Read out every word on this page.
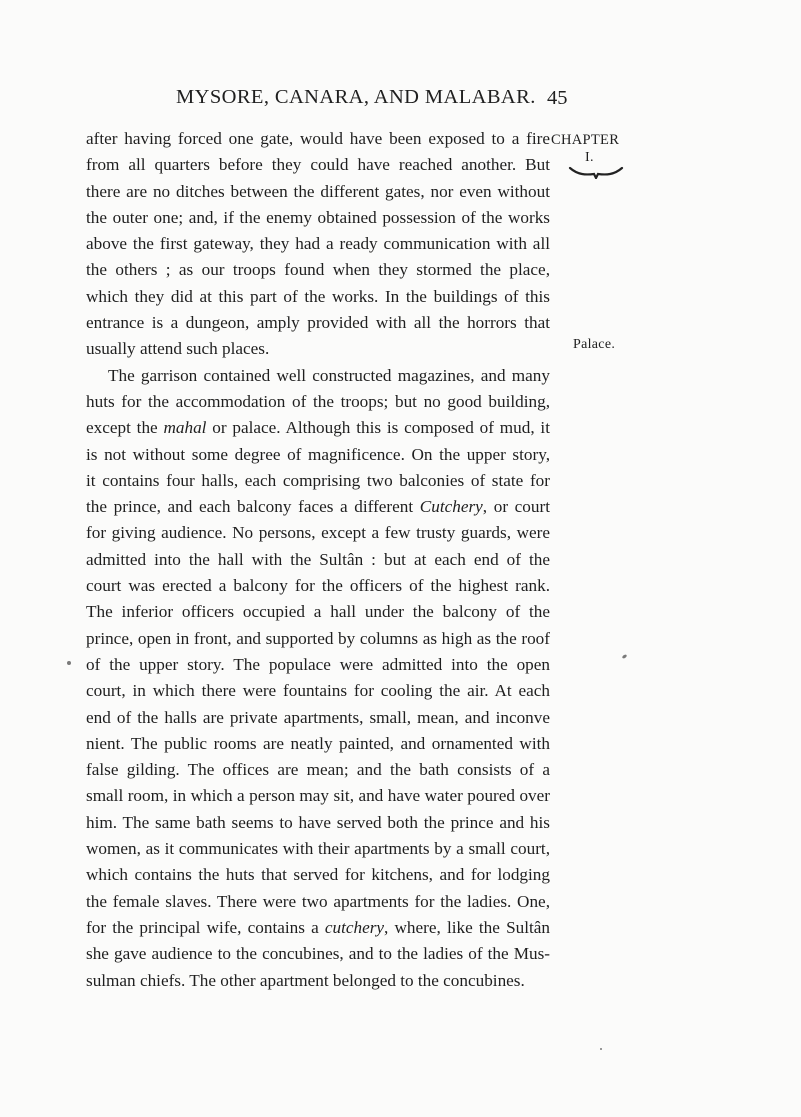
MYSORE, CANARA, AND MALABAR. 45
CHAPTER
I.
Palace.
after having forced one gate, would have been exposed to a fire
from all quarters before they could have reached another. But
there are no ditches between the different gates, nor even without
the outer one; and, if the enemy obtained possession of the works
above the first gateway, they had a ready communication with all
the others ; as our troops found when they stormed the place,
which they did at this part of the works. In the buildings of this
entrance is a dungeon, amply provided with all the horrors that
usually attend such places.
The garrison contained well constructed magazines, and many
huts for the accommodation of the troops; but no good building,
except the mahal or palace. Although this is composed of mud, it
is not without some degree of magnificence. On the upper story,
it contains four halls, each comprising two balconies of state for
the prince, and each balcony faces a different Cutchery, or court
for giving audience. No persons, except a few trusty guards, were
admitted into the hall with the Sultân : but at each end of the
court was erected a balcony for the officers of the highest rank.
The inferior officers occupied a hall under the balcony of the
prince, open in front, and supported by columns as high as the roof
of the upper story. The populace were admitted into the open
court, in which there were fountains for cooling the air. At each
end of the halls are private apartments, small, mean, and inconve
nient. The public rooms are neatly painted, and ornamented with
false gilding. The offices are mean; and the bath consists of a
small room, in which a person may sit, and have water poured over
him. The same bath seems to have served both the prince and his
women, as it communicates with their apartments by a small court,
which contains the huts that served for kitchens, and for lodging
the female slaves. There were two apartments for the ladies. One,
for the principal wife, contains a cutchery, where, like the Sultân
she gave audience to the concubines, and to the ladies of the Mus-
sulman chiefs. The other apartment belonged to the concubines.
